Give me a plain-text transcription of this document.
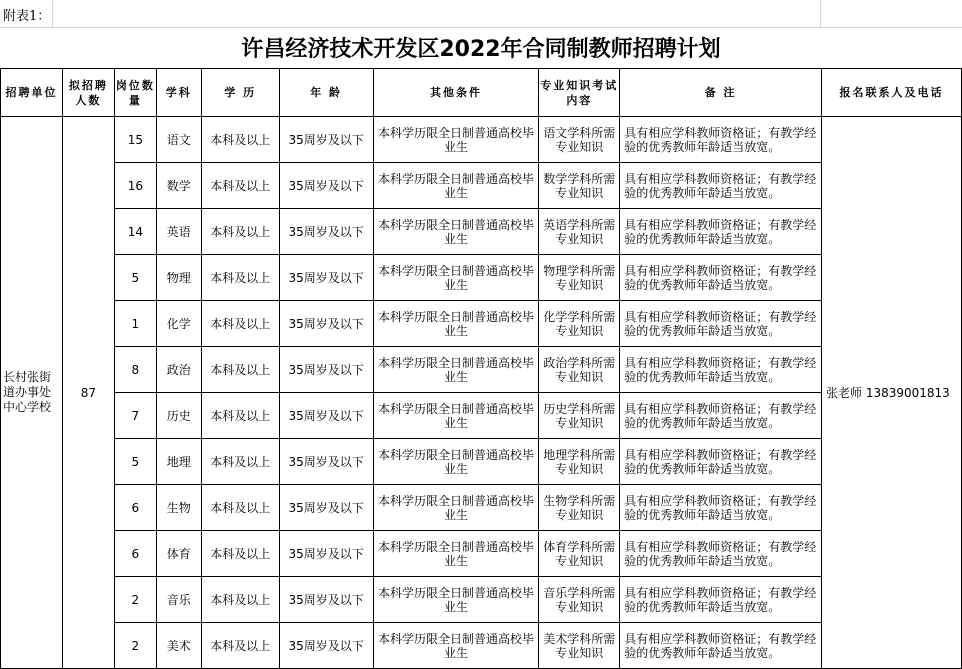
附表1：
许昌经济技术开发区2022年合同制教师招聘计划
招聘单位	拟招聘人数	岗位数量	学科	学 历	年 龄	其他条件	专业知识考试内容	备 注	报名联系人及电话
长村张街道办事处中心学校	87	15	语文	本科及以上	35周岁及以下	本科学历限全日制普通高校毕业生	语文学科所需专业知识	具有相应学科教师资格证；有教学经验的优秀教师年龄适当放宽。	张老师 13839001813
		16	数学	本科及以上	35周岁及以下	本科学历限全日制普通高校毕业生	数学学科所需专业知识	具有相应学科教师资格证；有教学经验的优秀教师年龄适当放宽。	
		14	英语	本科及以上	35周岁及以下	本科学历限全日制普通高校毕业生	英语学科所需专业知识	具有相应学科教师资格证；有教学经验的优秀教师年龄适当放宽。	
		5	物理	本科及以上	35周岁及以下	本科学历限全日制普通高校毕业生	物理学科所需专业知识	具有相应学科教师资格证；有教学经验的优秀教师年龄适当放宽。	
		1	化学	本科及以上	35周岁及以下	本科学历限全日制普通高校毕业生	化学学科所需专业知识	具有相应学科教师资格证；有教学经验的优秀教师年龄适当放宽。	
		8	政治	本科及以上	35周岁及以下	本科学历限全日制普通高校毕业生	政治学科所需专业知识	具有相应学科教师资格证；有教学经验的优秀教师年龄适当放宽。	
		7	历史	本科及以上	35周岁及以下	本科学历限全日制普通高校毕业生	历史学科所需专业知识	具有相应学科教师资格证；有教学经验的优秀教师年龄适当放宽。	
		5	地理	本科及以上	35周岁及以下	本科学历限全日制普通高校毕业生	地理学科所需专业知识	具有相应学科教师资格证；有教学经验的优秀教师年龄适当放宽。	
		6	生物	本科及以上	35周岁及以下	本科学历限全日制普通高校毕业生	生物学科所需专业知识	具有相应学科教师资格证；有教学经验的优秀教师年龄适当放宽。	
		6	体育	本科及以上	35周岁及以下	本科学历限全日制普通高校毕业生	体育学科所需专业知识	具有相应学科教师资格证；有教学经验的优秀教师年龄适当放宽。	
		2	音乐	本科及以上	35周岁及以下	本科学历限全日制普通高校毕业生	音乐学科所需专业知识	具有相应学科教师资格证；有教学经验的优秀教师年龄适当放宽。	
		2	美术	本科及以上	35周岁及以下	本科学历限全日制普通高校毕业生	美术学科所需专业知识	具有相应学科教师资格证；有教学经验的优秀教师年龄适当放宽。	
